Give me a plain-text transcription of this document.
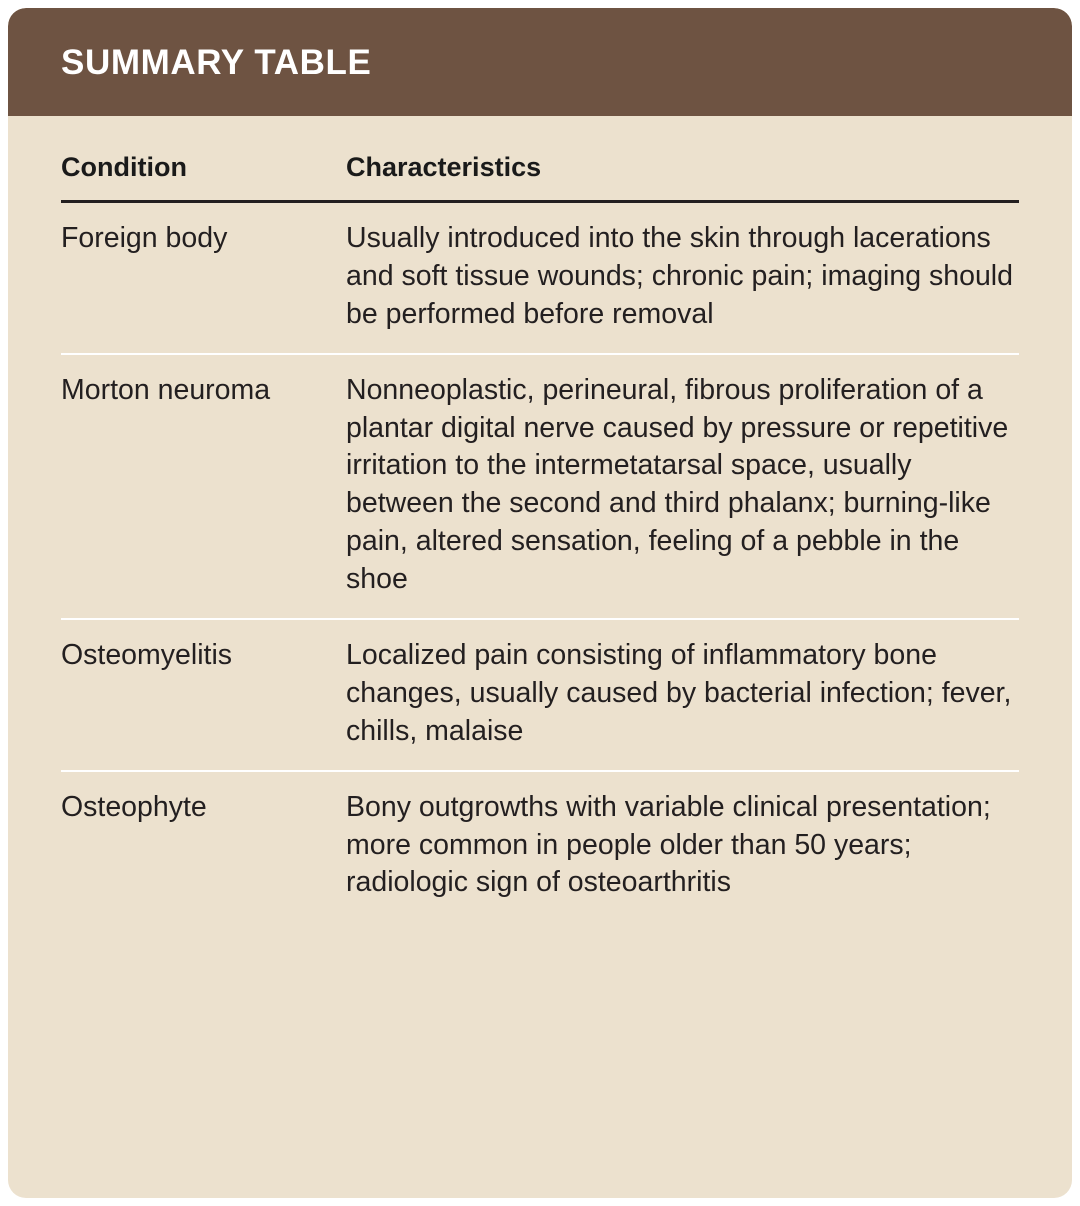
SUMMARY TABLE
Condition	Characteristics
Foreign body	Usually introduced into the skin through lacerations and soft tissue wounds; chronic pain; imaging should be performed before removal
Morton neuroma	Nonneoplastic, perineural, fibrous proliferation of a plantar digital nerve caused by pressure or repetitive irritation to the intermetatarsal space, usually between the second and third phalanx; burning-like pain, altered sensation, feeling of a pebble in the shoe
Osteomyelitis	Localized pain consisting of inflammatory bone changes, usually caused by bacterial infection; fever, chills, malaise
Osteophyte	Bony outgrowths with variable clinical presentation; more common in people older than 50 years; radiologic sign of osteoarthritis
